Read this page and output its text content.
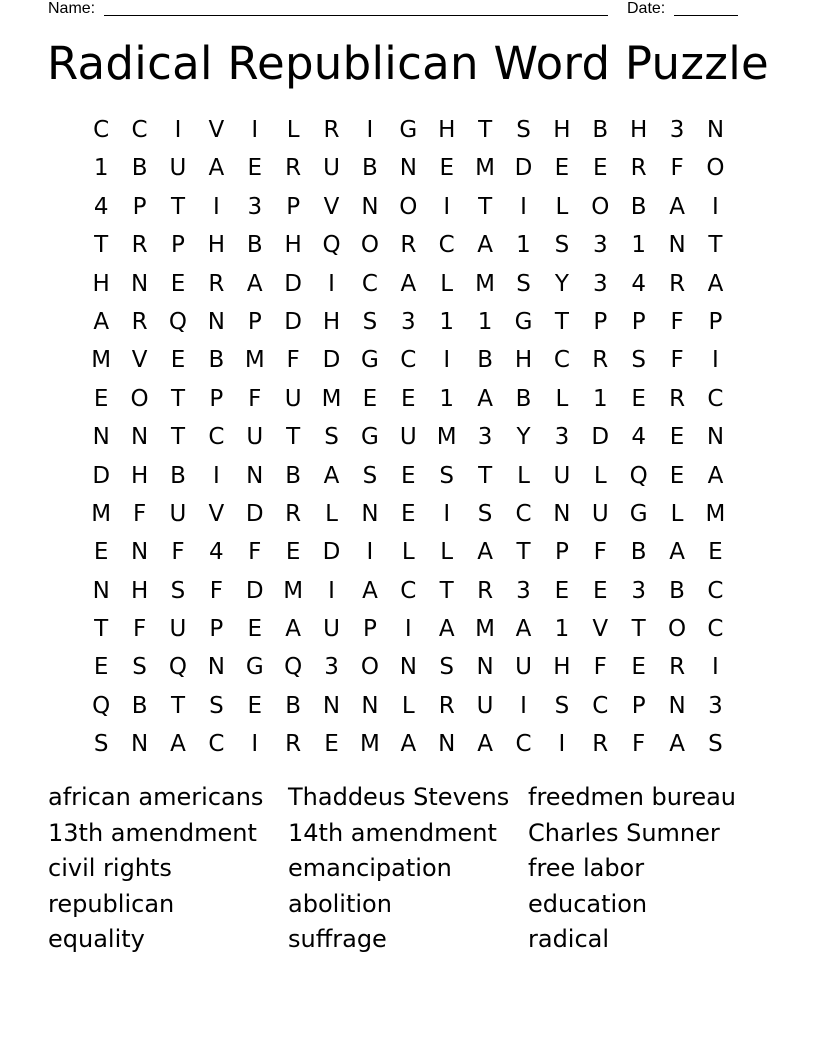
Name:	Date:
Radical Republican Word Puzzle
C C	I	V	I	L	R	I	G H T	S H B H 3 N
1	B U A	E	R U B N E M D E	E	R	F O
4	P	T	I	3	P	V N O	I	T	I	L O B A	I
T	R	P H B H Q O R C A	1	S	3	1 N T
H N E	R A D	I	C A	L M S	Y	3	4	R A
A R Q N P D H S	3	1	1 G T	P	P	F	P
M V	E	B M F D G C	I	B H C R	S	F	I
E O T	P	F	U M E	E	1	A B	L	1	E	R C
N N T	C U T	S G U M 3	Y	3 D 4	E N
D H B	I	N B A	S	E	S	T	L	U	L Q E	A
M F	U V D R	L	N E	I	S	C N U G	L M
E N	F	4	F	E D	I	L	L	A	T	P	F	B A	E
N H S	F D M	I	A C	T	R	3	E	E	3	B C
T	F	U	P	E	A U	P	I	A M A	1	V	T O C
E	S Q N G Q 3 O N S N U H	F	E	R	I
Q B	T	S	E	B N N	L	R U	I	S	C	P N 3
S N A C	I	R	E M A N A C	I	R	F	A	S
african americans
13th amendment
civil rights
republican
equality
Thaddeus Stevens
14th amendment
emancipation
abolition
suffrage
freedmen bureau
Charles Sumner
free labor
education
radical
